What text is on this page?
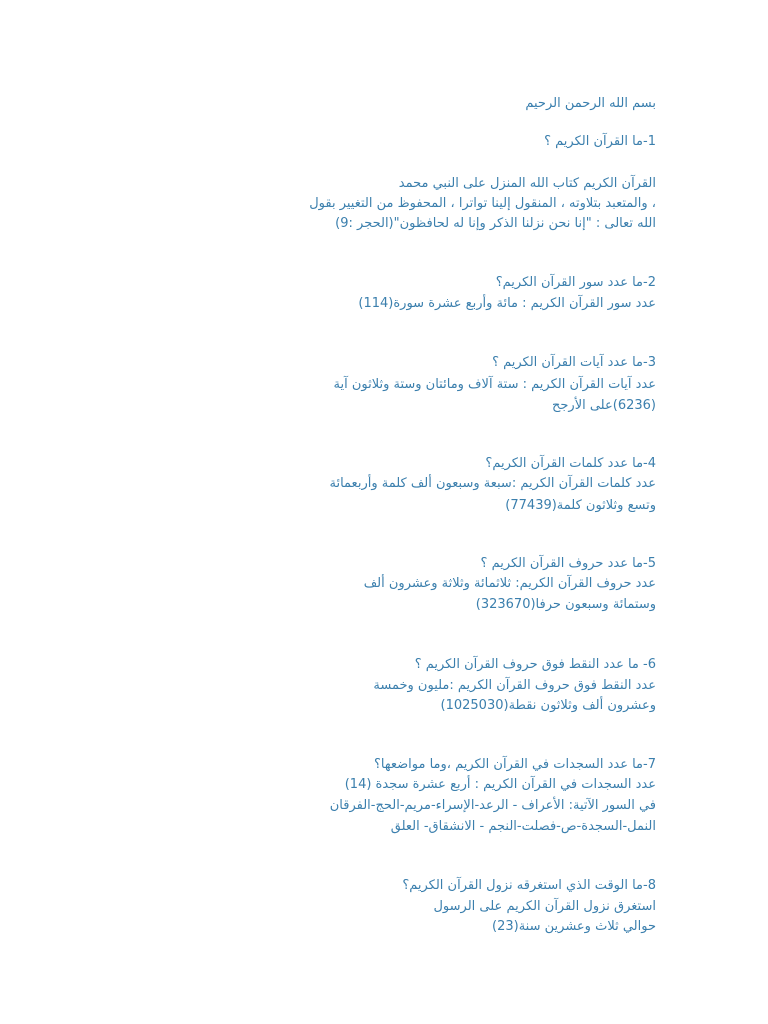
بسم الله الرحمن الرحيم
1-ما القرآن الكريم ؟
القرآن الكريم كتاب الله المنزل على النبي محمد
، والمتعبد بتلاوته ، المنقول إلينا تواترا ، المحفوظ من التغيير بقول
الله تعالى : "إنا نحن نزلنا الذكر وإنا له لحافظون"(الحجر :9)
2-ما عدد سور القرآن الكريم؟
عدد سور القرآن الكريم : مائة وأربع عشرة سورة(114)
3-ما عدد آيات القرآن الكريم ؟
عدد آيات القرآن الكريم : ستة آلاف ومائتان وستة وثلاثون آية
(6236)على الأرجح
4-ما عدد كلمات القرآن الكريم؟
عدد كلمات القرآن الكريم :سبعة وسبعون ألف كلمة وأربعمائة
وتسع وثلاثون كلمة(77439)
5-ما عدد حروف القرآن الكريم ؟
عدد حروف القرآن الكريم: ثلاثمائة وثلاثة وعشرون ألف
وستمائة وسبعون حرفا(323670)
6- ما عدد النقط فوق حروف القرآن الكريم ؟
عدد النقط فوق حروف القرآن الكريم :مليون وخمسة
وعشرون ألف وثلاثون نقطة(1025030)
7-ما عدد السجدات في القرآن الكريم ،وما مواضعها؟
عدد السجدات في القرآن الكريم : أربع عشرة سجدة (14)
في السور الآتية: الأعراف - الرعد-الإسراء-مريم-الحج-الفرقان
النمل-السجدة-ص-فصلت-النجم - الانشقاق- العلق
8-ما الوقت الذي استغرقه نزول القرآن الكريم؟
استغرق نزول القرآن الكريم على الرسول
حوالي ثلاث وعشرين سنة(23)
